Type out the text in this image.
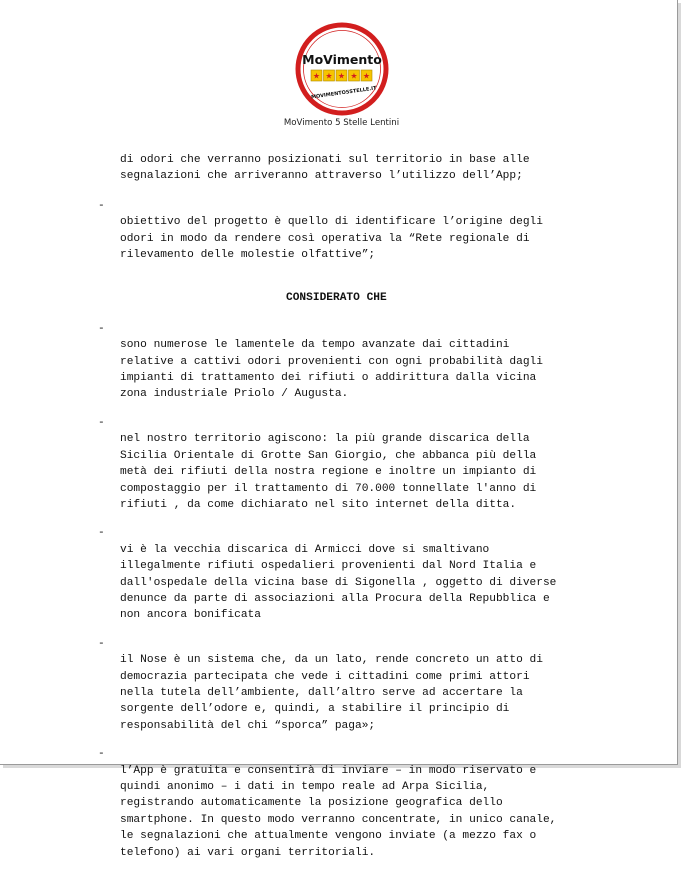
MoVimento
★ ★ ★ ★ ★
MOVIMENTO5STELLE.IT
MoVimento 5 Stelle Lentini
di odori che verranno posizionati sul territorio in base alle
segnalazioni che arriveranno attraverso l’utilizzo dell’App;

-
obiettivo del progetto è quello di identificare l’origine degli
odori in modo da rendere così operativa la “Rete regionale di
rilevamento delle molestie olfattive”;

CONSIDERATO CHE

-
sono numerose le lamentele da tempo avanzate dai cittadini
relative a cattivi odori provenienti con ogni probabilità dagli
impianti di trattamento dei rifiuti o addirittura dalla vicina
zona industriale Priolo / Augusta.

-
nel nostro territorio agiscono: la più grande discarica della
Sicilia Orientale di Grotte San Giorgio, che abbanca più della
metà dei rifiuti della nostra regione e inoltre un impianto di
compostaggio per il trattamento di 70.000 tonnellate l'anno di
rifiuti , da come dichiarato nel sito internet della ditta.

-
vi è la vecchia discarica di Armicci dove si smaltivano
illegalmente rifiuti ospedalieri provenienti dal Nord Italia e
dall'ospedale della vicina base di Sigonella , oggetto di diverse
denunce da parte di associazioni alla Procura della Repubblica e
non ancora bonificata

-
il Nose è un sistema che, da un lato, rende concreto un atto di
democrazia partecipata che vede i cittadini come primi attori
nella tutela dell’ambiente, dall’altro serve ad accertare la
sorgente dell’odore e, quindi, a stabilire il principio di
responsabilità del chi “sporca” paga»;

-
l’App è gratuita e consentirà di inviare – in modo riservato e
quindi anonimo – i dati in tempo reale ad Arpa Sicilia,
registrando automaticamente la posizione geografica dello
smartphone. In questo modo verranno concentrate, in unico canale,
le segnalazioni che attualmente vengono inviate (a mezzo fax o
telefono) ai vari organi territoriali.
